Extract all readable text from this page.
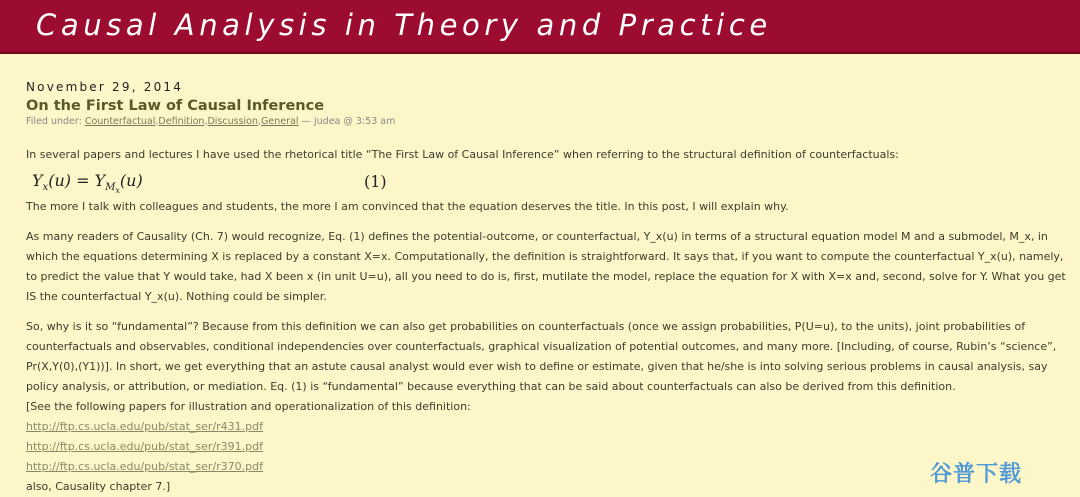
Causal Analysis in Theory and Practice
November 29, 2014
On the First Law of Causal Inference
Filed under: Counterfactual,Definition,Discussion,General — judea @ 3:53 am

In several papers and lectures I have used the rhetorical title “The First Law of Causal Inference” when referring to the structural definition of counterfactuals:

$Y_x(u) = Y_{M_x}(u)$	(1)

The more I talk with colleagues and students, the more I am convinced that the equation deserves the title. In this post, I will explain why.

As many readers of Causality (Ch. 7) would recognize, Eq. (1) defines the potential-outcome, or counterfactual, Y_x(u) in terms of a structural equation model M and a submodel, M_x, in which the equations determining X is replaced by a constant X=x. Computationally, the definition is straightforward. It says that, if you want to compute the counterfactual Y_x(u), namely, to predict the value that Y would take, had X been x (in unit U=u), all you need to do is, first, mutilate the model, replace the equation for X with X=x and, second, solve for Y. What you get IS the counterfactual Y_x(u). Nothing could be simpler.

So, why is it so “fundamental”? Because from this definition we can also get probabilities on counterfactuals (once we assign probabilities, P(U=u), to the units), joint probabilities of counterfactuals and observables, conditional independencies over counterfactuals, graphical visualization of potential outcomes, and many more. [Including, of course, Rubin’s “science”, Pr(X,Y(0),(Y1))]. In short, we get everything that an astute causal analyst would ever wish to define or estimate, given that he/she is into solving serious problems in causal analysis, say policy analysis, or attribution, or mediation. Eq. (1) is “fundamental” because everything that can be said about counterfactuals can also be derived from this definition.

[See the following papers for illustration and operationalization of this definition:

http://ftp.cs.ucla.edu/pub/stat_ser/r431.pdf
http://ftp.cs.ucla.edu/pub/stat_ser/r391.pdf
http://ftp.cs.ucla.edu/pub/stat_ser/r370.pdf

also, Causality chapter 7.]	谷普下载
